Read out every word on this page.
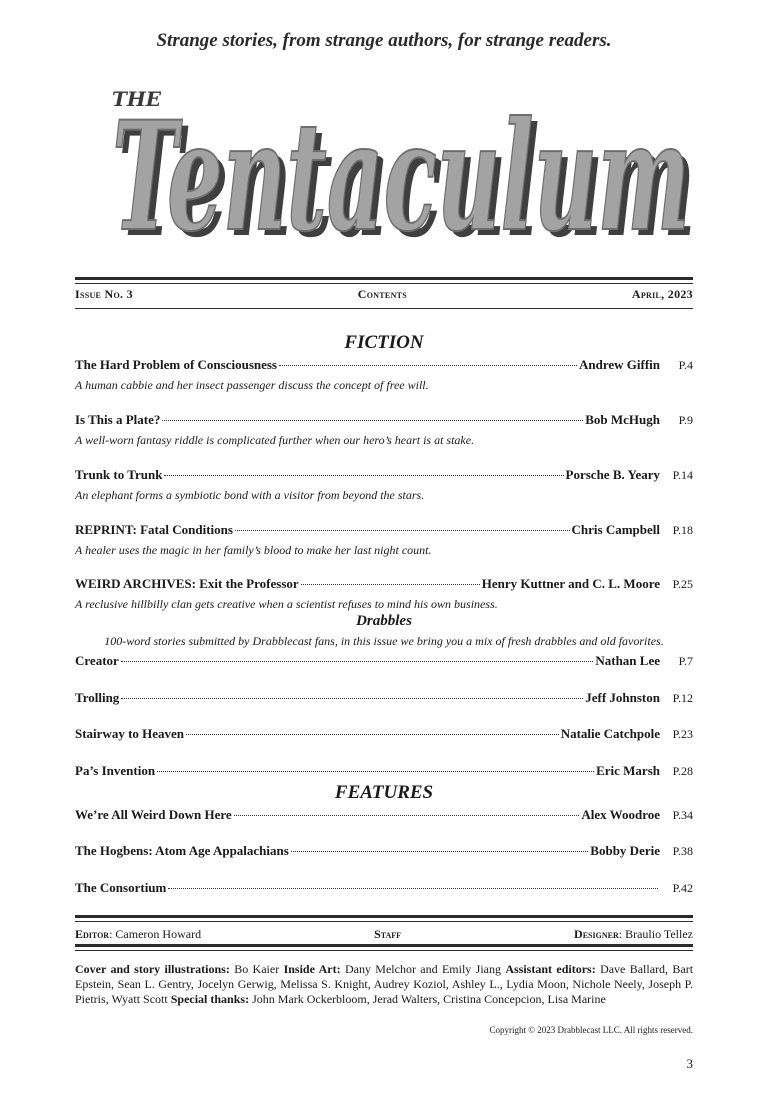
Strange stories, from strange authors, for strange readers.
THE
Tentaculum
Tentaculum
Issue No. 3	Contents	April, 2023
FICTION
The Hard Problem of Consciousness	Andrew Giffin	P.4
A human cabbie and her insect passenger discuss the concept of free will.
Is This a Plate?	Bob McHugh	P.9
A well-worn fantasy riddle is complicated further when our hero’s heart is at stake.
Trunk to Trunk	Porsche B. Yeary	P.14
An elephant forms a symbiotic bond with a visitor from beyond the stars.
REPRINT: Fatal Conditions	Chris Campbell	P.18
A healer uses the magic in her family’s blood to make her last night count.
WEIRD ARCHIVES: Exit the Professor	Henry Kuttner and C. L. Moore	P.25
A reclusive hillbilly clan gets creative when a scientist refuses to mind his own business.
Drabbles
100-word stories submitted by Drabblecast fans, in this issue we bring you a mix of fresh drabbles and old favorites.
Creator	Nathan Lee	P.7
Trolling	Jeff Johnston	P.12
Stairway to Heaven	Natalie Catchpole	P.23
Pa’s Invention	Eric Marsh	P.28
FEATURES
We’re All Weird Down Here	Alex Woodroe	P.34
The Hogbens: Atom Age Appalachians	Bobby Derie	P.38
The Consortium	P.42
Editor: Cameron Howard	Staff	Designer: Braulio Tellez
Cover and story illustrations: Bo Kaier Inside Art: Dany Melchor and Emily Jiang Assistant editors: Dave Ballard, Bart Epstein, Sean L. Gentry, Jocelyn Gerwig, Melissa S. Knight, Audrey Koziol, Ashley L., Lydia Moon, Nichole Neely, Joseph P. Pietris, Wyatt Scott Special thanks: John Mark Ockerbloom, Jerad Walters, Cristina Concepcion, Lisa Marine
Copyright © 2023 Drabblecast LLC. All rights reserved.
3
